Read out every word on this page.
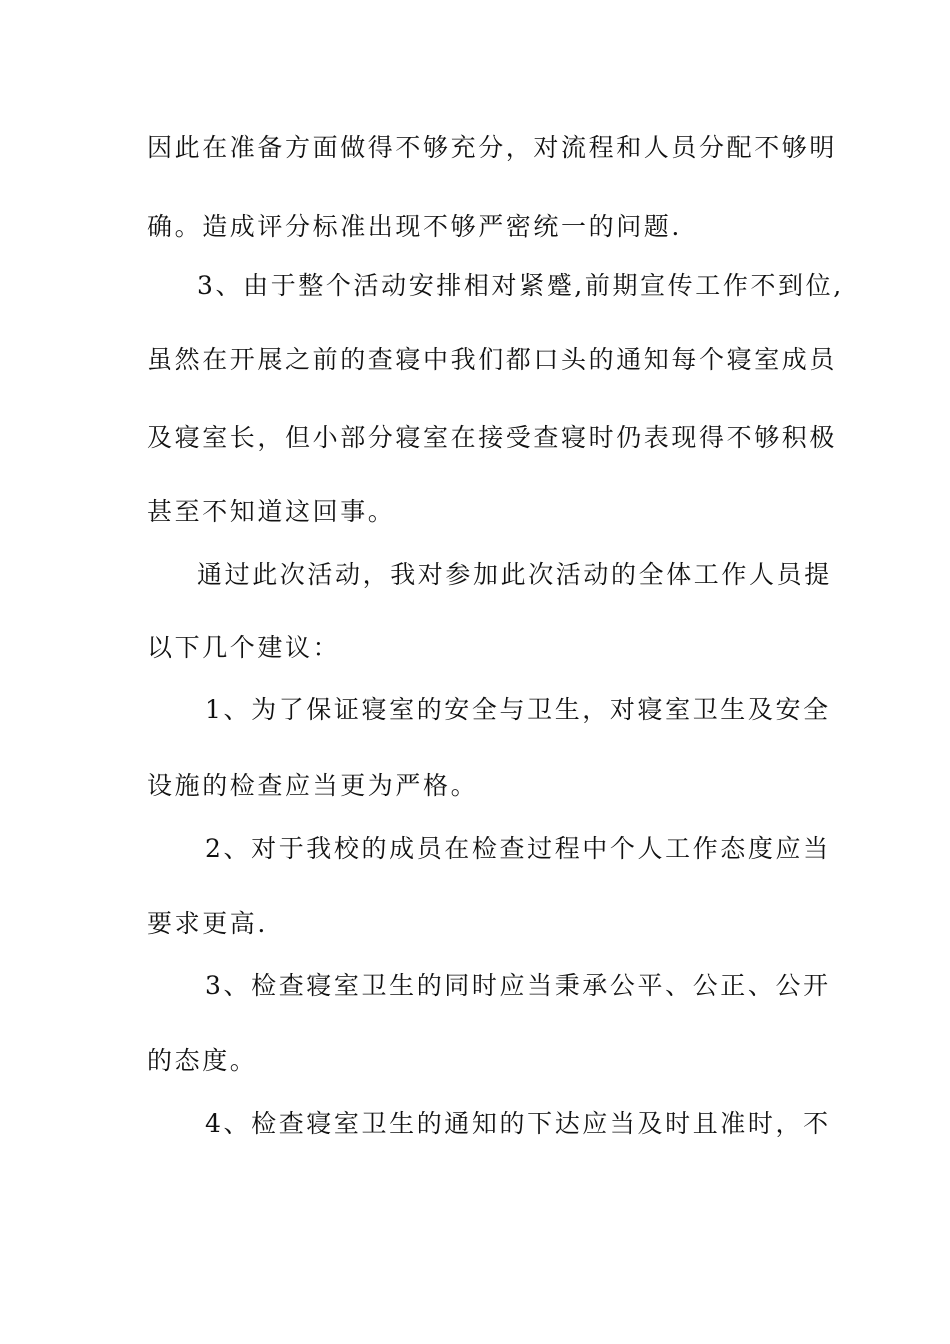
因此在准备方面做得不够充分，对流程和人员分配不够明
确。造成评分标准出现不够严密统一的问题.
3、由于整个活动安排相对紧蹙,前期宣传工作不到位,
虽然在开展之前的查寝中我们都口头的通知每个寝室成员
及寝室长，但小部分寝室在接受查寝时仍表现得不够积极
甚至不知道这回事。
通过此次活动，我对参加此次活动的全体工作人员提
以下几个建议：
1、为了保证寝室的安全与卫生，对寝室卫生及安全
设施的检查应当更为严格。
2、对于我校的成员在检查过程中个人工作态度应当
要求更高.
3、检查寝室卫生的同时应当秉承公平、公正、公开
的态度。
4、检查寝室卫生的通知的下达应当及时且准时，不
